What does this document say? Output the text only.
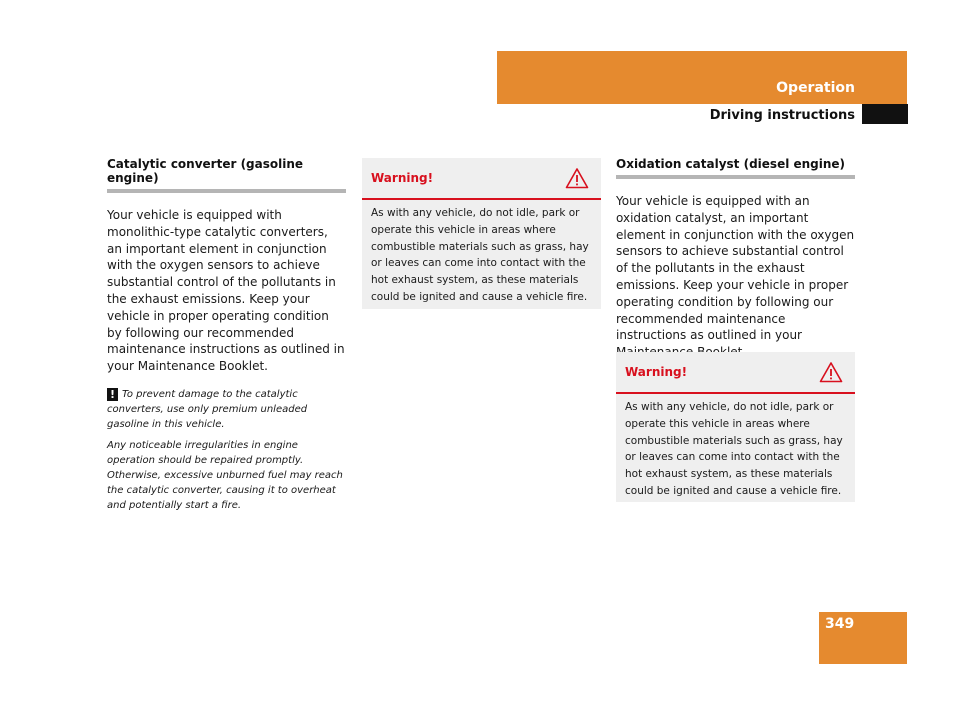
Operation
Driving instructions
Catalytic converter (gasoline engine)

Your vehicle is equipped with monolithic-type catalytic converters, an important element in conjunction with the oxygen sensors to achieve substantial control of the pollutants in the exhaust emissions. Keep your vehicle in proper operating condition by following our recommended maintenance instructions as outlined in your Maintenance Booklet.

! To prevent damage to the catalytic converters, use only premium unleaded gasoline in this vehicle.

Any noticeable irregularities in engine operation should be repaired promptly. Otherwise, excessive unburned fuel may reach the catalytic converter, causing it to overheat and potentially start a fire.

Warning!

As with any vehicle, do not idle, park or operate this vehicle in areas where combustible materials such as grass, hay or leaves can come into contact with the hot exhaust system, as these materials could be ignited and cause a vehicle fire.

Oxidation catalyst (diesel engine)

Your vehicle is equipped with an oxidation catalyst, an important element in conjunction with the oxygen sensors to achieve substantial control of the pollutants in the exhaust emissions. Keep your vehicle in proper operating condition by following our recommended maintenance instructions as outlined in your

Warning!

As with any vehicle, do not idle, park or operate this vehicle in areas where combustible materials such as grass, hay or leaves can come into contact with the hot exhaust system, as these materials could be ignited and cause a vehicle fire.

349
